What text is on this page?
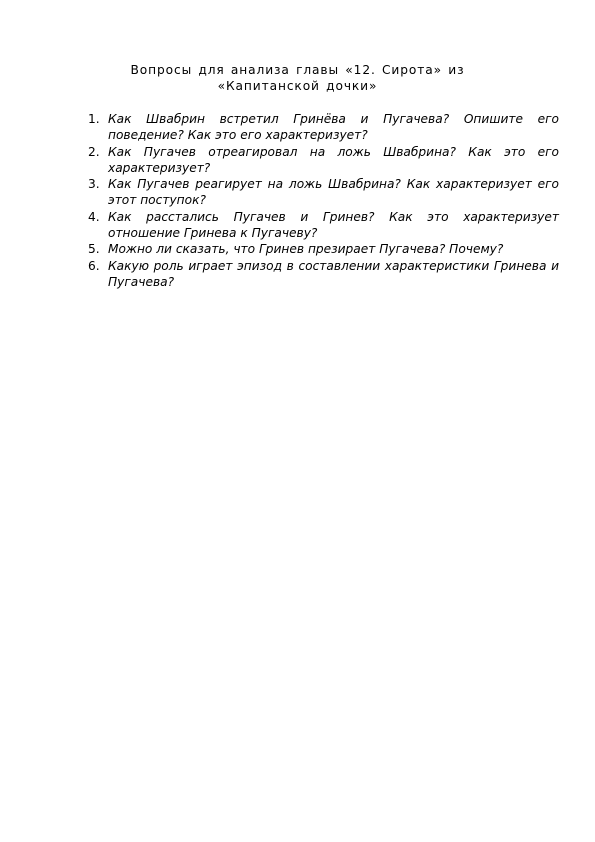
Вопросы для анализа главы «12. Сирота» из
«Капитанской дочки»
1. Как Швабрин встретил Гринёва и Пугачева? Опишите его поведение? Как это его характеризует?
2. Как Пугачев отреагировал на ложь Швабрина? Как это его характеризует?
3. Как Пугачев реагирует на ложь Швабрина? Как характеризует его этот поступок?
4. Как расстались Пугачев и Гринев? Как это характеризует отношение Гринева к Пугачеву?
5. Можно ли сказать, что Гринев презирает Пугачева? Почему?
6. Какую роль играет эпизод в составлении характеристики Гринева и Пугачева?
